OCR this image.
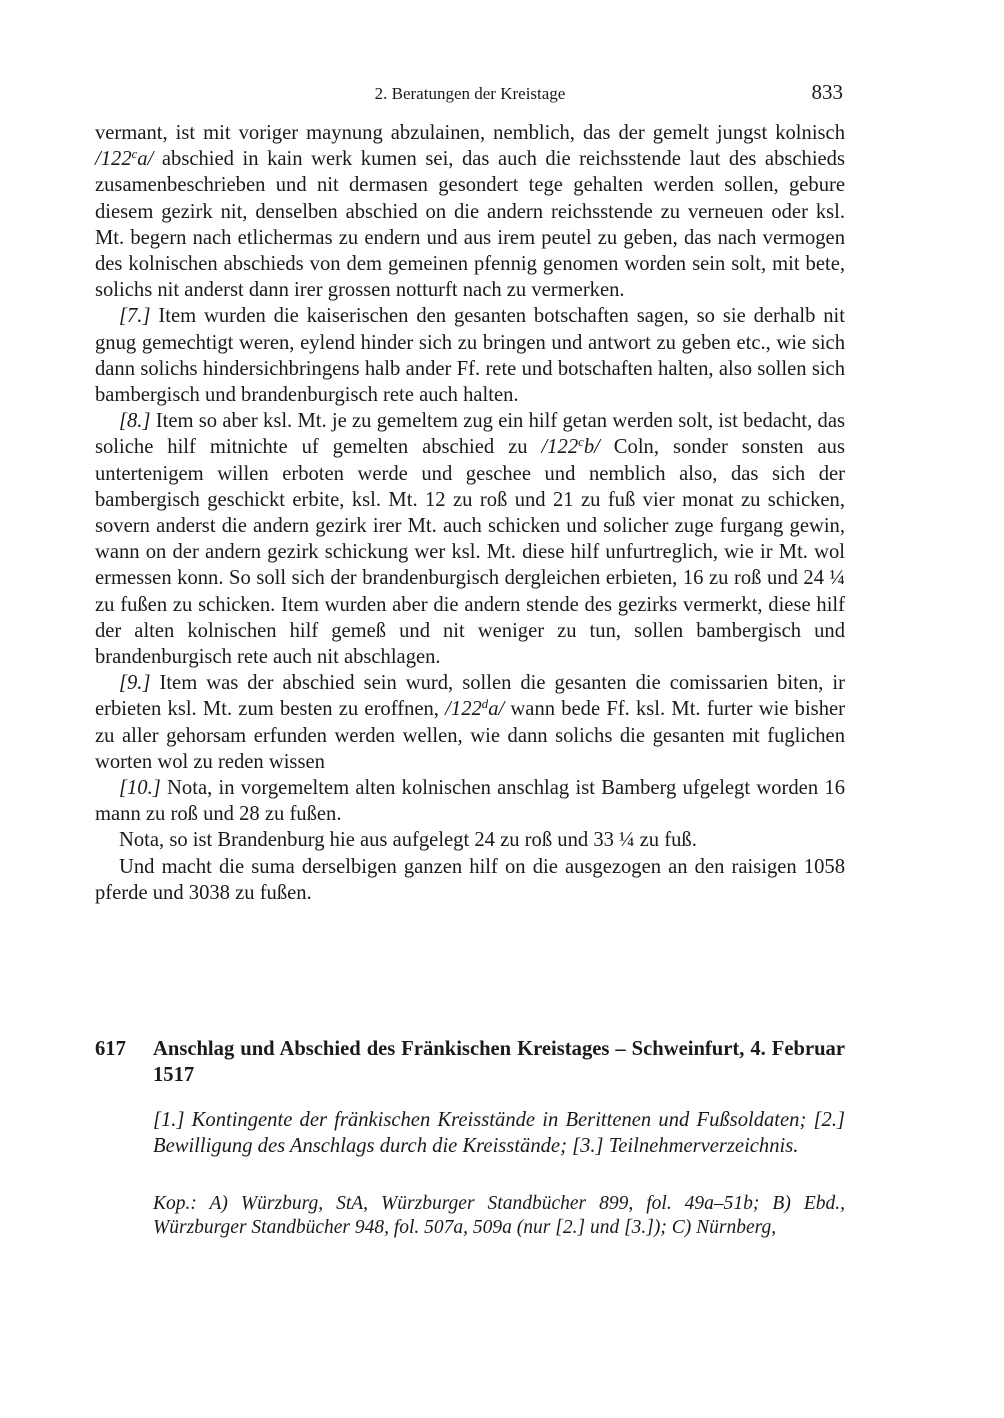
2. Beratungen der Kreistage	833

vermant, ist mit voriger maynung abzulainen, nemblich, das der gemelt jungst kolnisch /122$^c$a/ abschied in kain werk kumen sei, das auch die reichsstende laut des abschieds zusamenbeschrieben und nit dermasen gesondert tege gehalten werden sollen, gebure diesem gezirk nit, denselben abschied on die andern reichsstende zu verneuen oder ksl. Mt. begern nach etlichermas zu endern und aus irem peutel zu geben, das nach vermogen des kolnischen abschieds von dem gemeinen pfennig genomen worden sein solt, mit bete, solichs nit anderst dann irer grossen notturft nach zu vermerken.

[7.] Item wurden die kaiserischen den gesanten botschaften sagen, so sie derhalb nit gnug gemechtigt weren, eylend hinder sich zu bringen und antwort zu geben etc., wie sich dann solichs hindersichbringens halb ander Ff. rete und botschaften halten, also sollen sich bambergisch und brandenburgisch rete auch halten.

[8.] Item so aber ksl. Mt. je zu gemeltem zug ein hilf getan werden solt, ist bedacht, das soliche hilf mitnichte uf gemelten abschied zu /122$^c$b/ Coln, sonder sonsten aus untertenigem willen erboten werde und geschee und nemblich also, das sich der bambergisch geschickt erbite, ksl. Mt. 12 zu roß und 21 zu fuß vier monat zu schicken, sovern anderst die andern gezirk irer Mt. auch schicken und solicher zuge furgang gewin, wann on der andern gezirk schickung wer ksl. Mt. diese hilf unfurtreglich, wie ir Mt. wol ermessen konn. So soll sich der brandenburgisch dergleichen erbieten, 16 zu roß und 24 ¼ zu fußen zu schicken. Item wurden aber die andern stende des gezirks vermerkt, diese hilf der alten kolnischen hilf gemeß und nit weniger zu tun, sollen bambergisch und brandenburgisch rete auch nit abschlagen.

[9.] Item was der abschied sein wurd, sollen die gesanten die comissarien biten, ir erbieten ksl. Mt. zum besten zu eroffnen, /122$^d$a/ wann bede Ff. ksl. Mt. furter wie bisher zu aller gehorsam erfunden werden wellen, wie dann solichs die gesanten mit fuglichen worten wol zu reden wissen

[10.] Nota, in vorgemeltem alten kolnischen anschlag ist Bamberg ufgelegt worden 16 mann zu roß und 28 zu fußen.

Nota, so ist Brandenburg hie aus aufgelegt 24 zu roß und 33 ¼ zu fuß.

Und macht die suma derselbigen ganzen hilf on die ausgezogen an den raisigen 1058 pferde und 3038 zu fußen.

617	Anschlag und Abschied des Fränkischen Kreistages – Schweinfurt, 4. Februar 1517

[1.] Kontingente der fränkischen Kreisstände in Berittenen und Fußsoldaten; [2.] Bewilligung des Anschlags durch die Kreisstände; [3.] Teilnehmerverzeichnis.

Kop.: A) Würzburg, StA, Würzburger Standbücher 899, fol. 49a–51b; B) Ebd., Würzburger Standbücher 948, fol. 507a, 509a (nur [2.] und [3.]); C) Nürnberg,
